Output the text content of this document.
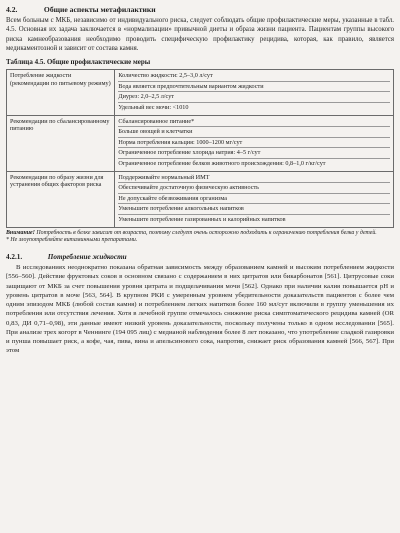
4.2.	Общие аспекты метафилактики

Всем больным с МКБ, независимо от индивидуального риска, следует соблюдать общие профилактические меры, указанные в табл. 4.5. Основная их задача заключается в «нормализации» привычной диеты и образа жизни пациента. Пациентам группы высокого риска камнеобразования необходимо проводить специфическую профилактику рецидива, которая, как правило, является медикаментозной и зависит от состава камня.

Таблица 4.5. Общие профилактические меры
Потребление жидкости (рекомендации по питьевому режиму)	Количество жидкости: 2,5–3,0 л/сут
Вода является предпочтительным вариантом жидкости
Диурез: 2,0–2,5 л/сут
Удельный вес мочи: <1010

Рекомендации по сбалансированному питанию	Сбалансированное питание*
Больше овощей и клетчатки
Норма потребления кальция: 1000–1200 мг/сут
Ограниченное потребление хлорида натрия: 4–5 г/сут
Ограниченное потребление белков животного происхождения: 0,8–1,0 г/кг/сут

Рекомендации по образу жизни для устранения общих факторов риска	Поддерживайте нормальный ИМТ
Обеспечивайте достаточную физическую активность
Не допускайте обезвоживания организма
Уменьшите потребление алкогольных напитков
Уменьшите потребление газированных и калорийных напитков
Внимание! Потребность в белке зависит от возраста, поэтому следует очень осторожно подходить к ограничению потребления белка у детей.
* Не злоупотребляйте витаминными препаратами.
4.2.1.	Потребление жидкости

В исследованиях неоднократно показана обратная зависимость между образованием камней и высоким потреблением жидкости [556–560]. Действие фруктовых соков в основном связано с содержанием в них цитратов или бикарбонатов [561]. Цитрусовые соки защищают от МКБ за счет повышения уровня цитрата и подщелачивания мочи [562]. Однако при наличии калия повышается pH и уровень цитратов в моче [563, 564]. В крупном РКИ с умеренным уровнем убедительности доказательств пациентов с более чем одним эпизодом МКБ (любой состав камня) и потреблением легких напитков более 160 мл/сут включили в группу уменьшения их потребления или отсутствия лечения. Хотя в лечебной группе отмечалось снижение риска симптоматического рецидива камней (OR 0,83, ДИ 0,71–0,98), эти данные имеют низкий уровень доказательности, поскольку получены только в одном исследовании [565]. При анализе трех когорт в Ченнинге (194 095 лиц) с медианой наблюдения более 8 лет показано, что употребление сладкой газировки и пунша повышает риск, а кофе, чая, пива, вина и апельсинового сока, напротив, снижает риск образования камней [566, 567]. При этом
